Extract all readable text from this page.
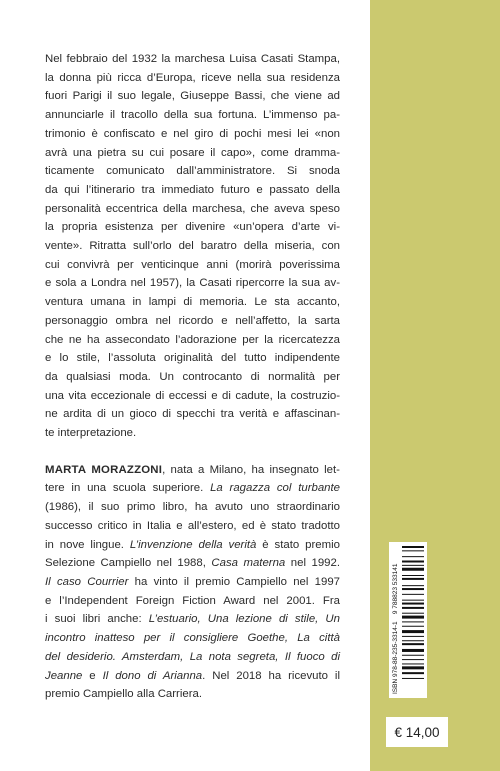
Nel febbraio del 1932 la marchesa Luisa Casati Stampa,
la donna più ricca d’Europa, riceve nella sua residenza
fuori Parigi il suo legale, Giuseppe Bassi, che viene ad
annunciarle il tracollo della sua fortuna. L’immenso pa-
trimonio è confiscato e nel giro di pochi mesi lei «non
avrà una pietra su cui posare il capo», come dramma-
ticamente comunicato dall’amministratore. Si snoda
da qui l’itinerario tra immediato futuro e passato della
personalità eccentrica della marchesa, che aveva speso
la propria esistenza per divenire «un’opera d’arte vi-
vente». Ritratta sull’orlo del baratro della miseria, con
cui convivrà per venticinque anni (morirà poverissima
e sola a Londra nel 1957), la Casati ripercorre la sua av-
ventura umana in lampi di memoria. Le sta accanto,
personaggio ombra nel ricordo e nell’affetto, la sarta
che ne ha assecondato l’adorazione per la ricercatezza
e lo stile, l’assoluta originalità del tutto indipendente
da qualsiasi moda. Un controcanto di normalità per
una vita eccezionale di eccessi e di cadute, la costruzio-
ne ardita di un gioco di specchi tra verità e affascinan-
te interpretazione.
MARTA MORAZZONI, nata a Milano, ha insegnato let-
tere in una scuola superiore. La ragazza col turbante
(1986), il suo primo libro, ha avuto uno straordinario
successo critico in Italia e all’estero, ed è stato tradotto
in nove lingue. L’invenzione della verità è stato premio
Selezione Campiello nel 1988, Casa materna nel 1992.
Il caso Courrier ha vinto il premio Campiello nel 1997
e l’Independent Foreign Fiction Award nel 2001. Fra
i suoi libri anche: L’estuario, Una lezione di stile, Un
incontro inatteso per il consigliere Goethe, La città
del desiderio. Amsterdam, La nota segreta, Il fuoco di
Jeanne e Il dono di Arianna. Nel 2018 ha ricevuto il
premio Campiello alla Carriera.
ISBN 978-88-235-3314-1    9 788823 533141
€ 14,00
